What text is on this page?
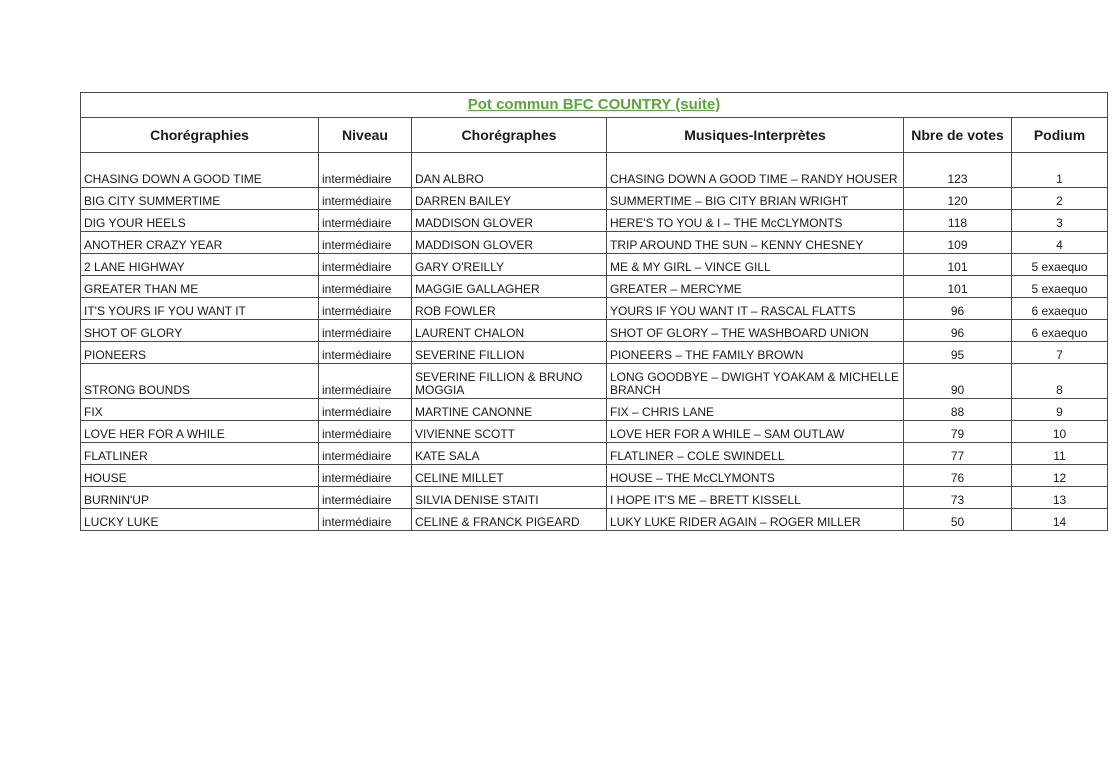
Pot commun BFC COUNTRY (suite)					
Chorégraphies	Niveau	Chorégraphes	Musiques-Interprètes	Nbre de votes	Podium
CHASING DOWN A GOOD TIME	intermédiaire	DAN ALBRO	CHASING DOWN A GOOD TIME – RANDY HOUSER	123	1
BIG CITY SUMMERTIME	intermédiaire	DARREN BAILEY	SUMMERTIME – BIG CITY BRIAN WRIGHT	120	2
DIG YOUR HEELS	intermédiaire	MADDISON GLOVER	HERE'S TO YOU & I – THE McCLYMONTS	118	3
ANOTHER CRAZY YEAR	intermédiaire	MADDISON GLOVER	TRIP AROUND THE SUN – KENNY CHESNEY	109	4
2 LANE HIGHWAY	intermédiaire	GARY O'REILLY	ME & MY GIRL – VINCE GILL	101	5 exaequo
GREATER THAN ME	intermédiaire	MAGGIE GALLAGHER	GREATER – MERCYME	101	5 exaequo
IT'S YOURS IF YOU WANT IT	intermédiaire	ROB FOWLER	YOURS IF YOU WANT IT – RASCAL FLATTS	96	6 exaequo
SHOT OF GLORY	intermédiaire	LAURENT CHALON	SHOT OF GLORY – THE WASHBOARD UNION	96	6 exaequo
PIONEERS	intermédiaire	SEVERINE FILLION	PIONEERS – THE FAMILY BROWN	95	7
STRONG BOUNDS	intermédiaire	SEVERINE FILLION & BRUNO MOGGIA	LONG GOODBYE – DWIGHT YOAKAM & MICHELLE BRANCH	90	8
FIX	intermédiaire	MARTINE CANONNE	FIX – CHRIS LANE	88	9
LOVE HER FOR A WHILE	intermédiaire	VIVIENNE SCOTT	LOVE HER FOR A WHILE – SAM OUTLAW	79	10
FLATLINER	intermédiaire	KATE SALA	FLATLINER – COLE SWINDELL	77	11
HOUSE	intermédiaire	CELINE MILLET	HOUSE – THE McCLYMONTS	76	12
BURNIN'UP	intermédiaire	SILVIA DENISE STAITI	I HOPE IT'S ME – BRETT KISSELL	73	13
LUCKY LUKE	intermédiaire	CELINE & FRANCK PIGEARD	LUKY LUKE RIDER AGAIN – ROGER MILLER	50	14
